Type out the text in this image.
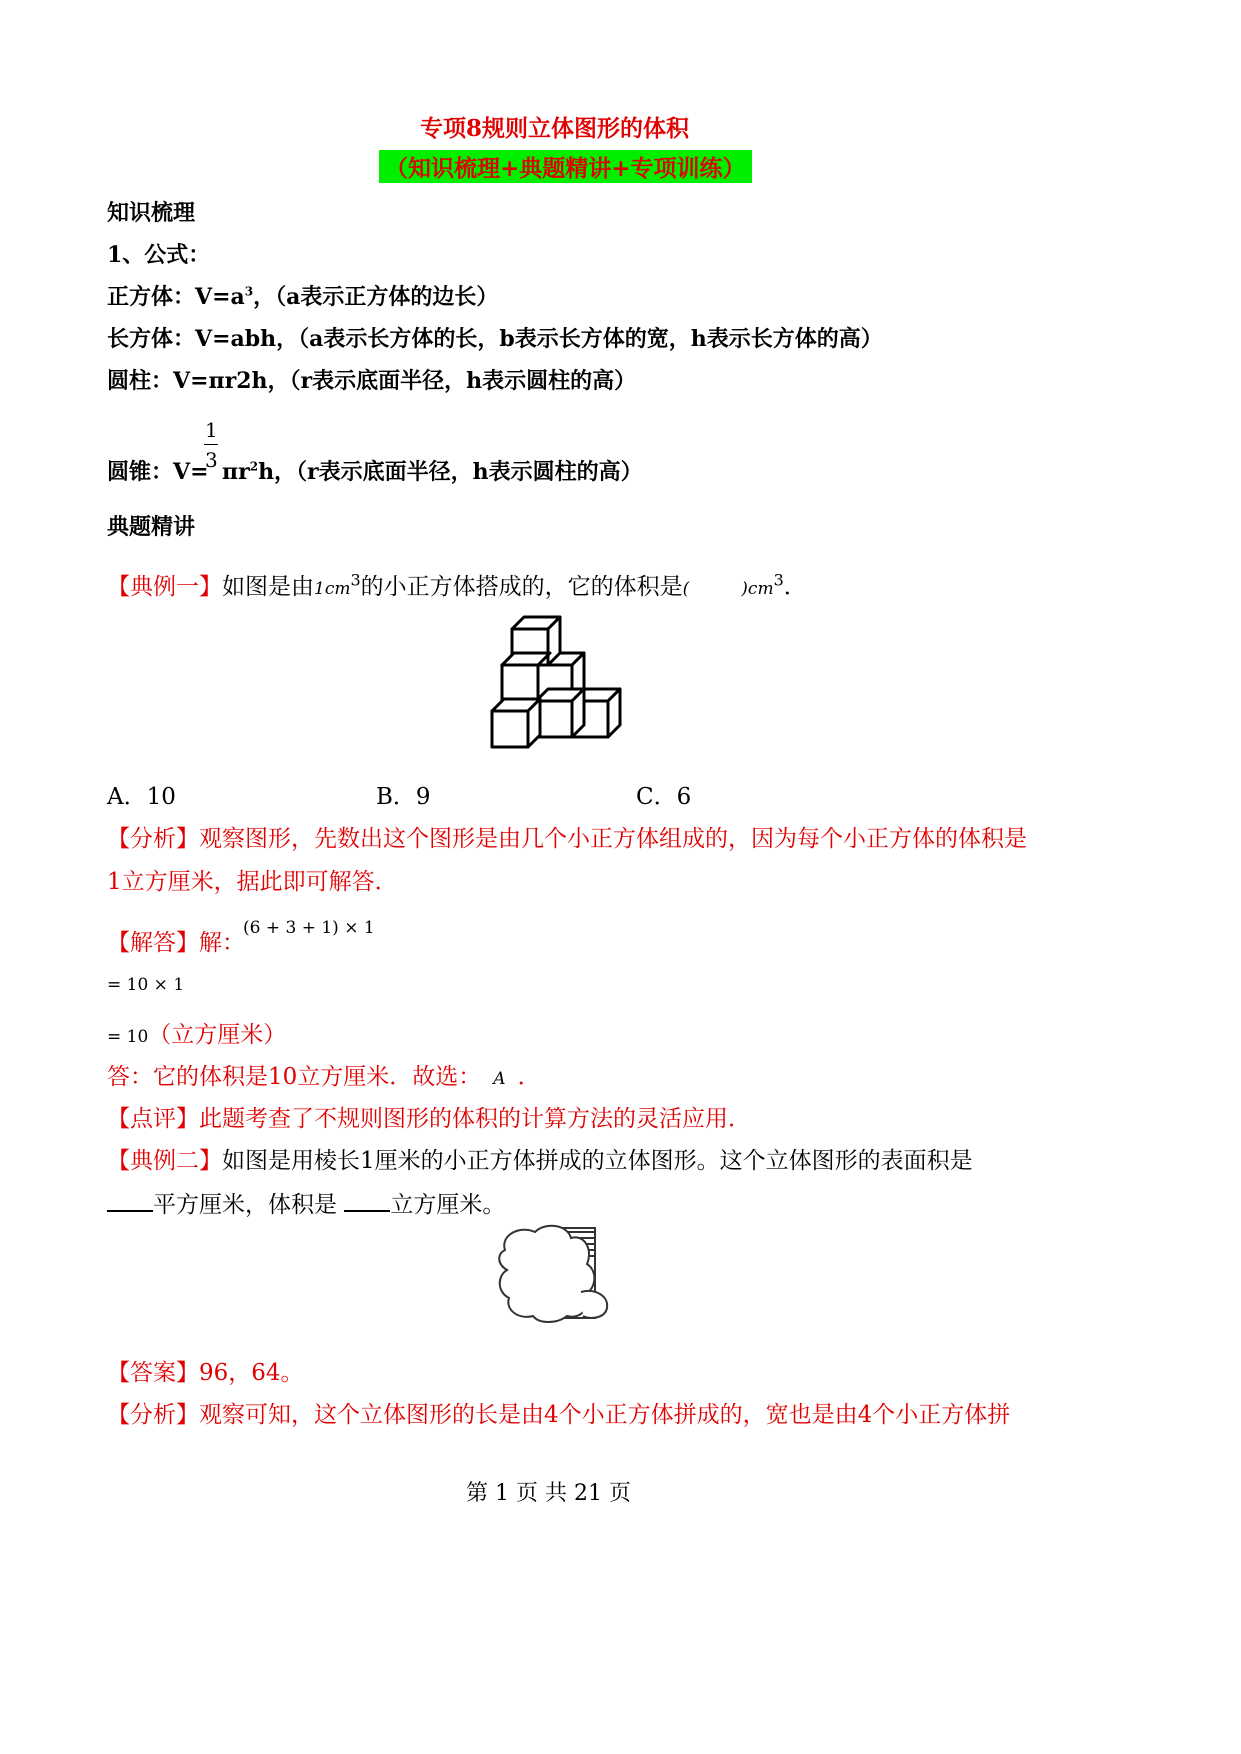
专项8规则立体图形的体积
（知识梳理+典题精讲+专项训练）
知识梳理
1、公式：
正方体：$V=a^3$，（a表示正方体的边长）
长方体：V=abh，（a表示长方体的长，b表示长方体的宽，h表示长方体的高）
圆柱：V=πr2h，（r表示底面半径，h表示圆柱的高）
1
3
圆锥：$V= \pi r^2h$，（r表示底面半径，h表示圆柱的高）
典题精讲
【典例一】如图是由$1cm^3$的小正方体搭成的，它的体积是(	)$cm^3$．
A．10	B．9	C．6
【分析】观察图形，先数出这个图形是由几个小正方体组成的，因为每个小正方体的体积是
1立方厘米，据此即可解答．
【解答】解：
(6 + 3 + 1) × 1
= 10 × 1
= 10（立方厘米）
答：它的体积是10立方厘米．故选： A ．
【点评】此题考查了不规则图形的体积的计算方法的灵活应用．
【典例二】如图是用棱长1厘米的小正方体拼成的立体图形。这个立体图形的表面积是
平方厘米，体积是 立方厘米。
【答案】96，64。
【分析】观察可知，这个立体图形的长是由4个小正方体拼成的，宽也是由4个小正方体拼
第 1 页 共 21 页
